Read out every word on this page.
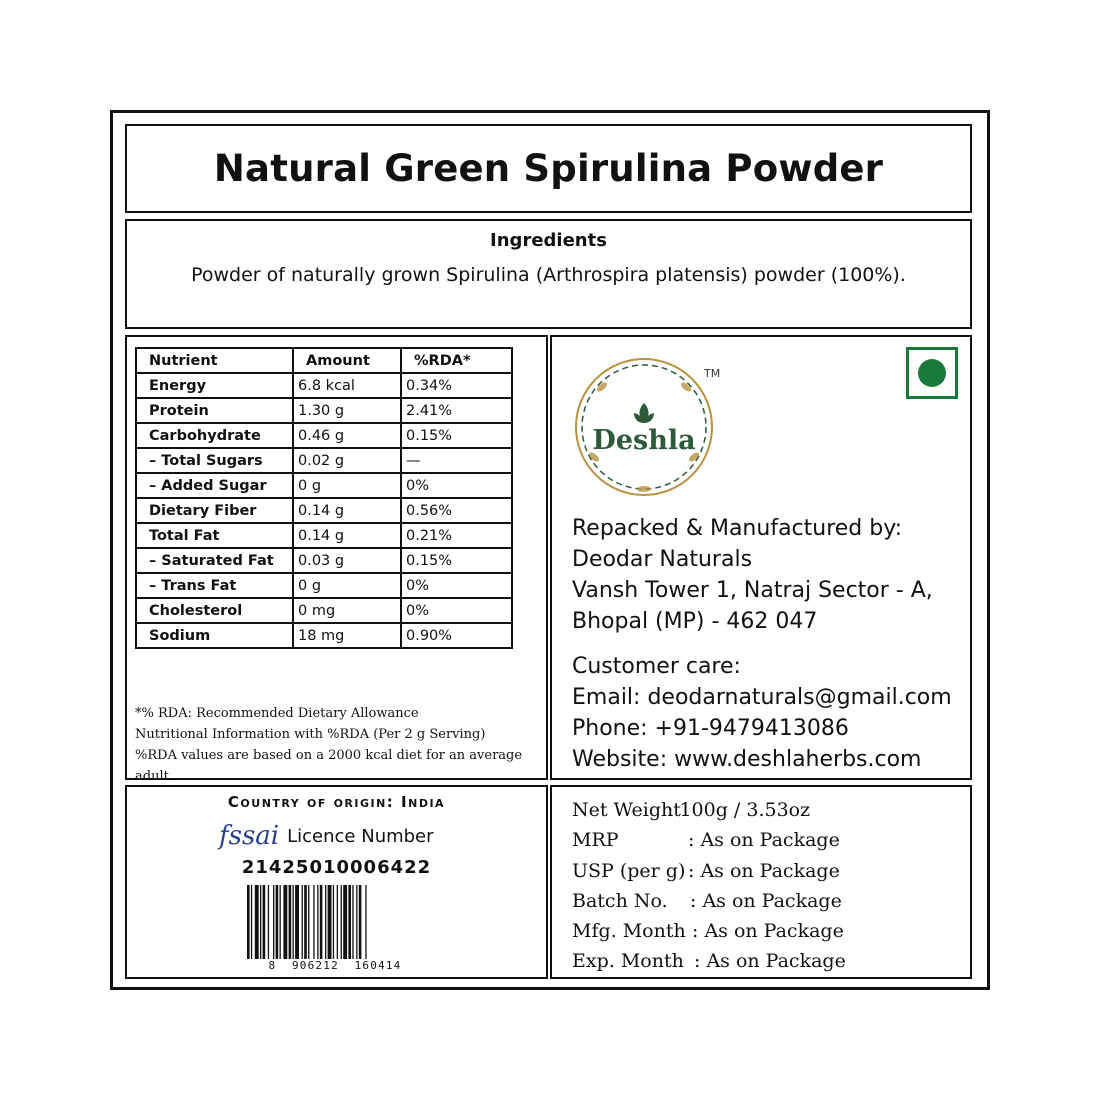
Natural Green Spirulina Powder
Ingredients
Powder of naturally grown Spirulina (Arthrospira platensis) powder (100%).
Nutrient	Amount	%RDA*
Energy	6.8 kcal	0.34%
Protein	1.30 g	2.41%
Carbohydrate	0.46 g	0.15%
– Total Sugars	0.02 g	—
– Added Sugar	0 g	0%
Dietary Fiber	0.14 g	0.56%
Total Fat	0.14 g	0.21%
– Saturated Fat	0.03 g	0.15%
– Trans Fat	0 g	0%
Cholesterol	0 mg	0%
Sodium	18 mg	0.90%
*% RDA: Recommended Dietary Allowance
Nutritional Information with %RDA (Per 2 g Serving)
%RDA values are based on a 2000 kcal diet for an average adult.
Deshla
TM
Repacked & Manufactured by:
Deodar Naturals
Vansh Tower 1, Natraj Sector - A,
Bhopal (MP) - 462 047
Customer care:
Email: deodarnaturals@gmail.com
Phone: +91-9479413086
Website: www.deshlaherbs.com
Country of origin: India
fssai Licence Number
21425010006422
8 906212 160414
Net Weight
: 100g / 3.53oz
MRP	: As on Package
USP (per g) : As on Package
Batch No. : As on Package
Mfg. Month : As on Package
Exp. Month : As on Package
